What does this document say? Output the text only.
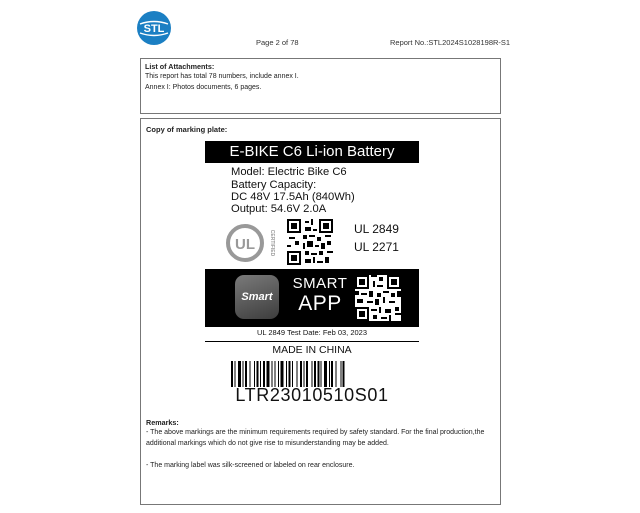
STL
Page 2 of 78	Report No.:STL2024S1028198R-S1
List of Attachments:
This report has total 78 numbers, include annex I.
Annex I: Photos documents, 6 pages.
Copy of marking plate:
E-BIKE C6 Li-ion Battery
Model: Electric Bike C6
Battery Capacity:
DC 48V 17.5Ah (840Wh)
Output: 54.6V 2.0A
UL	CERTIFIED
UL 2849
UL 2271
Smart
SMART
APP
UL 2849 Test Date: Feb 03, 2023
MADE IN CHINA
LTR23010510S01
Remarks:
- The above markings are the minimum requirements required by safety standard. For the final production,the additional markings which do not give rise to misunderstanding may be added.
- The marking label was silk-screened or labeled on rear enclosure.
